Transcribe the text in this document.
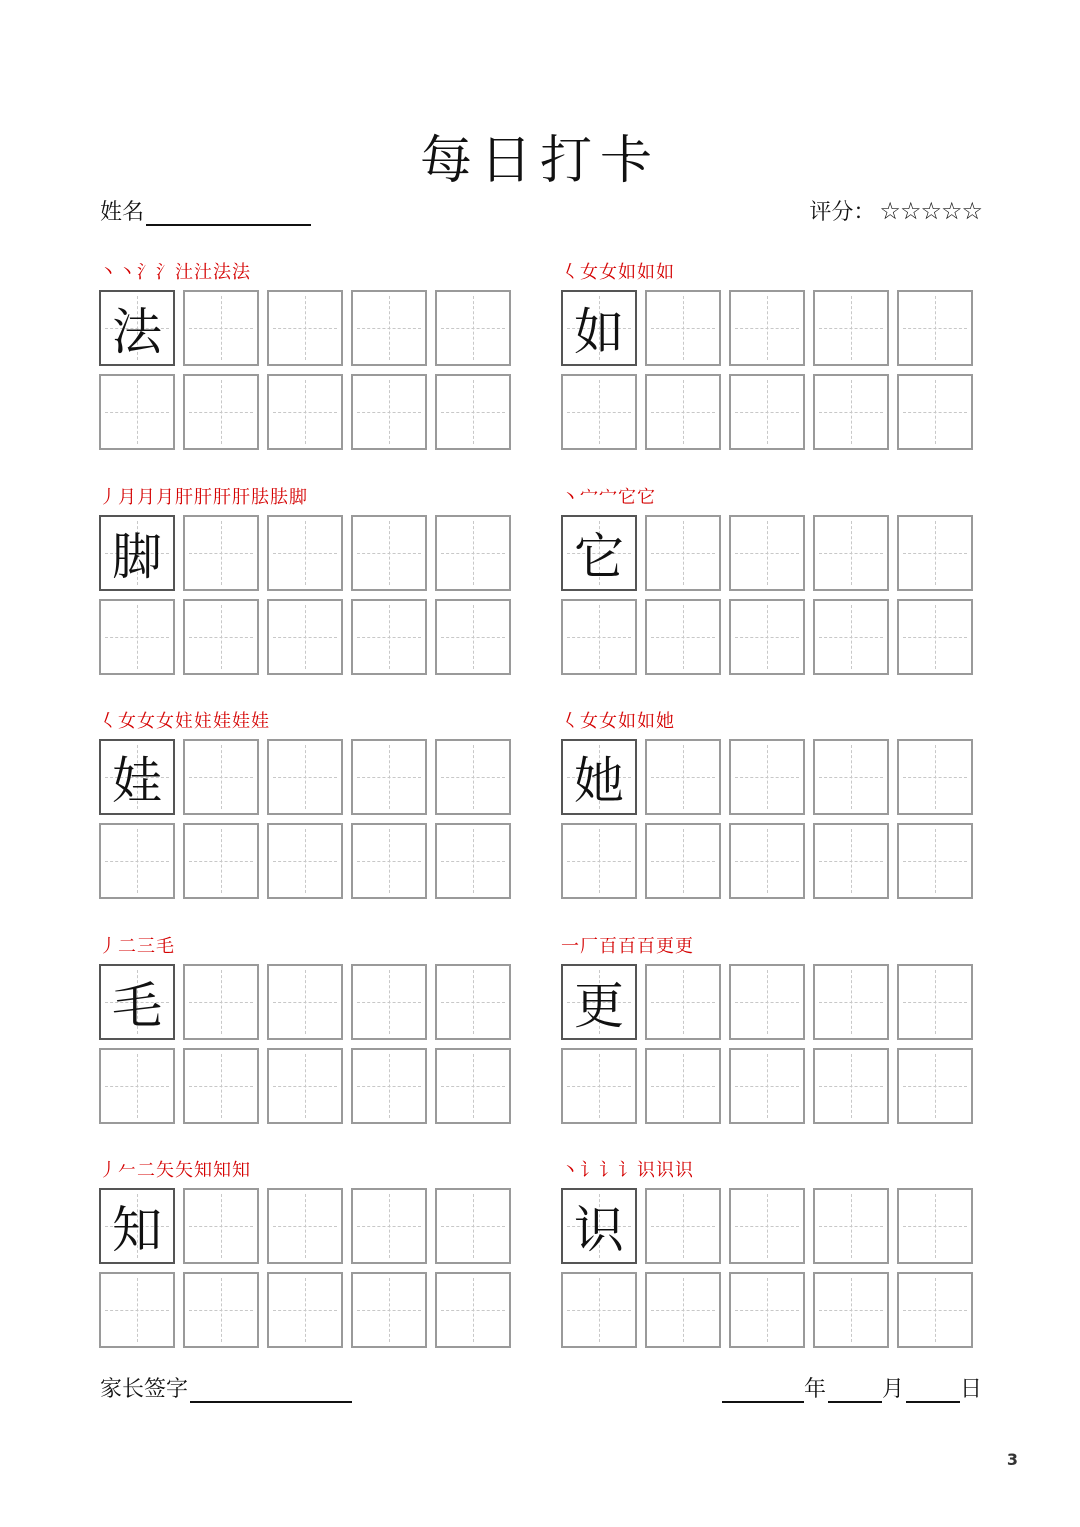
每日打卡
姓名	评分： ☆☆☆☆☆
丶丶氵氵汢汢法法
法
𡿨女女如如如
如
丿月月月肝肝肝肝胠胠脚
脚
丶宀宀它它
它
𡿨女女女妵妵娃娃娃
娃
𡿨女女如如她
她
丿二三毛
毛
一厂百百百更更
更
丿𠂉二矢矢知知知
知
丶讠讠讠识识识
识
家长签字	年	月	日
3
